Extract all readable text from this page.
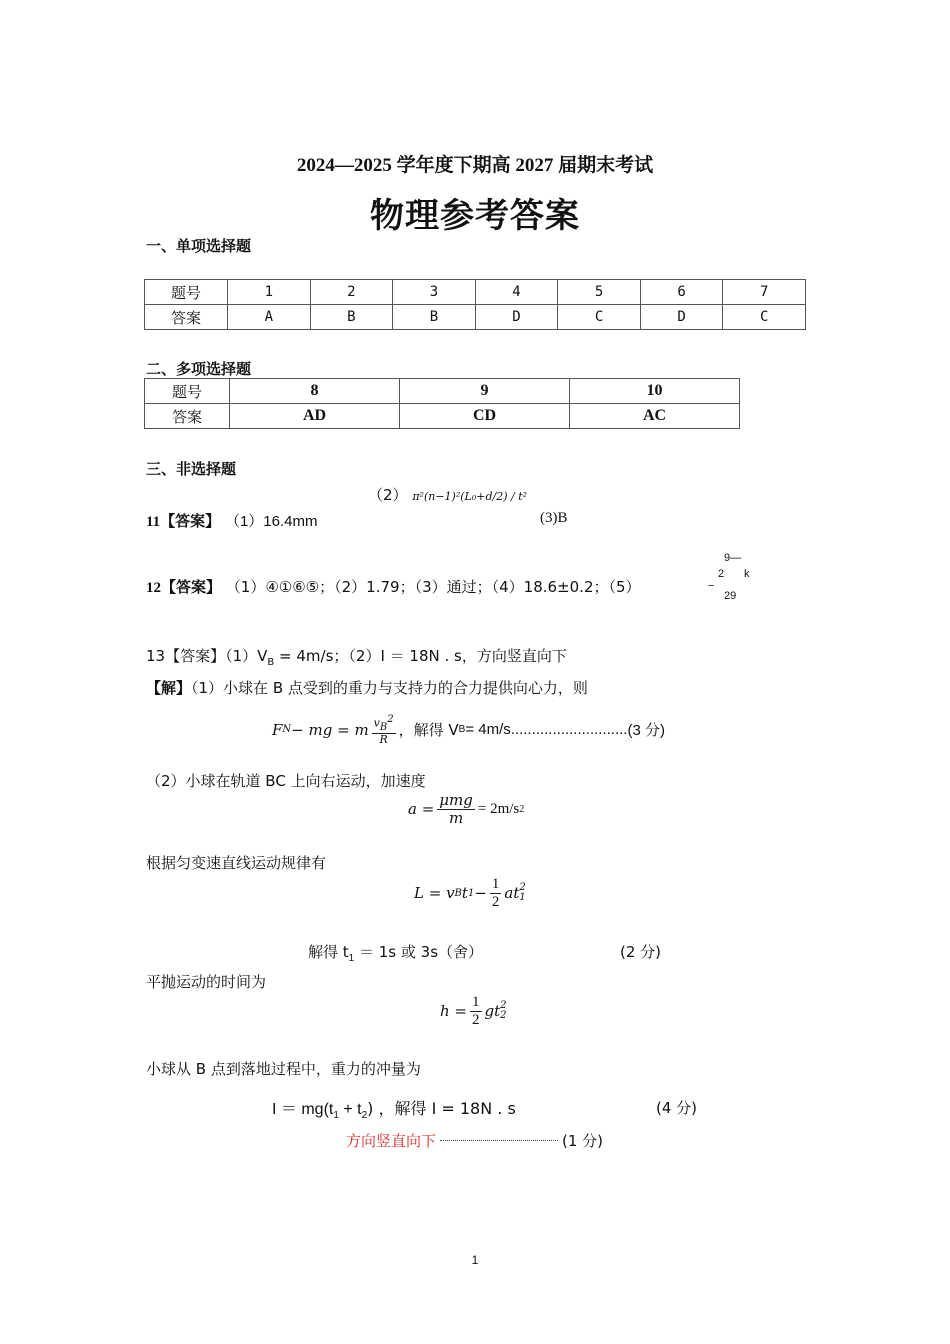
2024—2025 学年度下期高 2027 届期末考试
物理参考答案
一、单项选择题
题号	1	2	3	4	5	6	7
答案	A	B	B	D	C	D	C
二、多项选择题
题号	8	9	10
答案	AD	CD	AC
三、非选择题
11【答案】 （1）16.4mm
（2） π²(n−1)²(L₀+d/2) / t²
(3)B
12【答案】 （1）④①⑥⑤；（2）1.79；（3）通过；（4）18.6±0.2；（5）
9—
2 k
−
29
13【答案】$(1)V_B = 4m/s$；（2）I ＝ 18N . s，方向竖直向下
【解】（1）小球在 B 点受到的重力与支持力的合力提供向心力，则
F N − mg = m $\frac{v_B^2}{R}$ ，解得 V B = 4m/s ............................ (3 分)
（2）小球在轨道 BC 上向右运动，加速度
$a = \frac{\text{μmg}}{m} = 2m/s$ 2
根据匀变速直线运动规律有
L = v B t $1 - \frac{1}{2}$ at 2
1
解得 $t_1 = 1s$ 或 3s（舍）	(2 分)
平抛运动的时间为
$h = \frac{1}{2}$ gt 2
2
小球从 B 点到落地过程中，重力的冲量为
$I = mg(t_1 + t_2)$ ，解得 I = 18N . s	(4 分)
方向竖直向下	(1 分)
1
